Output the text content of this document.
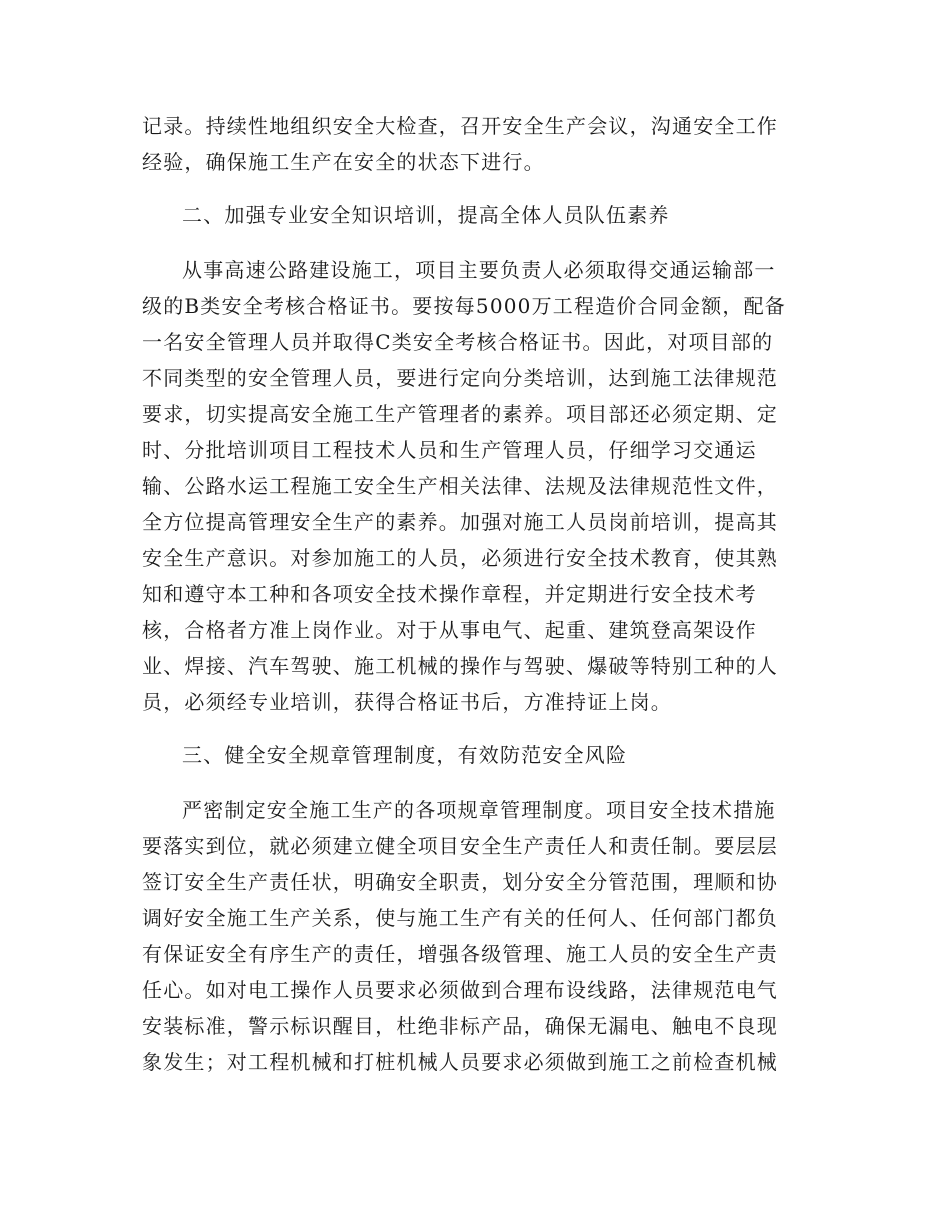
记录。持续性地组织安全大检查，召开安全生产会议，沟通安全工作
经验，确保施工生产在安全的状态下进行。
二、加强专业安全知识培训，提高全体人员队伍素养
从事高速公路建设施工，项目主要负责人必须取得交通运输部一
级的B类安全考核合格证书。要按每5000万工程造价合同金额，配备
一名安全管理人员并取得C类安全考核合格证书。因此，对项目部的
不同类型的安全管理人员，要进行定向分类培训，达到施工法律规范
要求，切实提高安全施工生产管理者的素养。项目部还必须定期、定
时、分批培训项目工程技术人员和生产管理人员，仔细学习交通运
输、公路水运工程施工安全生产相关法律、法规及法律规范性文件，
全方位提高管理安全生产的素养。加强对施工人员岗前培训，提高其
安全生产意识。对参加施工的人员，必须进行安全技术教育，使其熟
知和遵守本工种和各项安全技术操作章程，并定期进行安全技术考
核，合格者方准上岗作业。对于从事电气、起重、建筑登高架设作
业、焊接、汽车驾驶、施工机械的操作与驾驶、爆破等特别工种的人
员，必须经专业培训，获得合格证书后，方准持证上岗。
三、健全安全规章管理制度，有效防范安全风险
严密制定安全施工生产的各项规章管理制度。项目安全技术措施
要落实到位，就必须建立健全项目安全生产责任人和责任制。要层层
签订安全生产责任状，明确安全职责，划分安全分管范围，理顺和协
调好安全施工生产关系，使与施工生产有关的任何人、任何部门都负
有保证安全有序生产的责任，增强各级管理、施工人员的安全生产责
任心。如对电工操作人员要求必须做到合理布设线路，法律规范电气
安装标准，警示标识醒目，杜绝非标产品，确保无漏电、触电不良现
象发生；对工程机械和打桩机械人员要求必须做到施工之前检查机械
